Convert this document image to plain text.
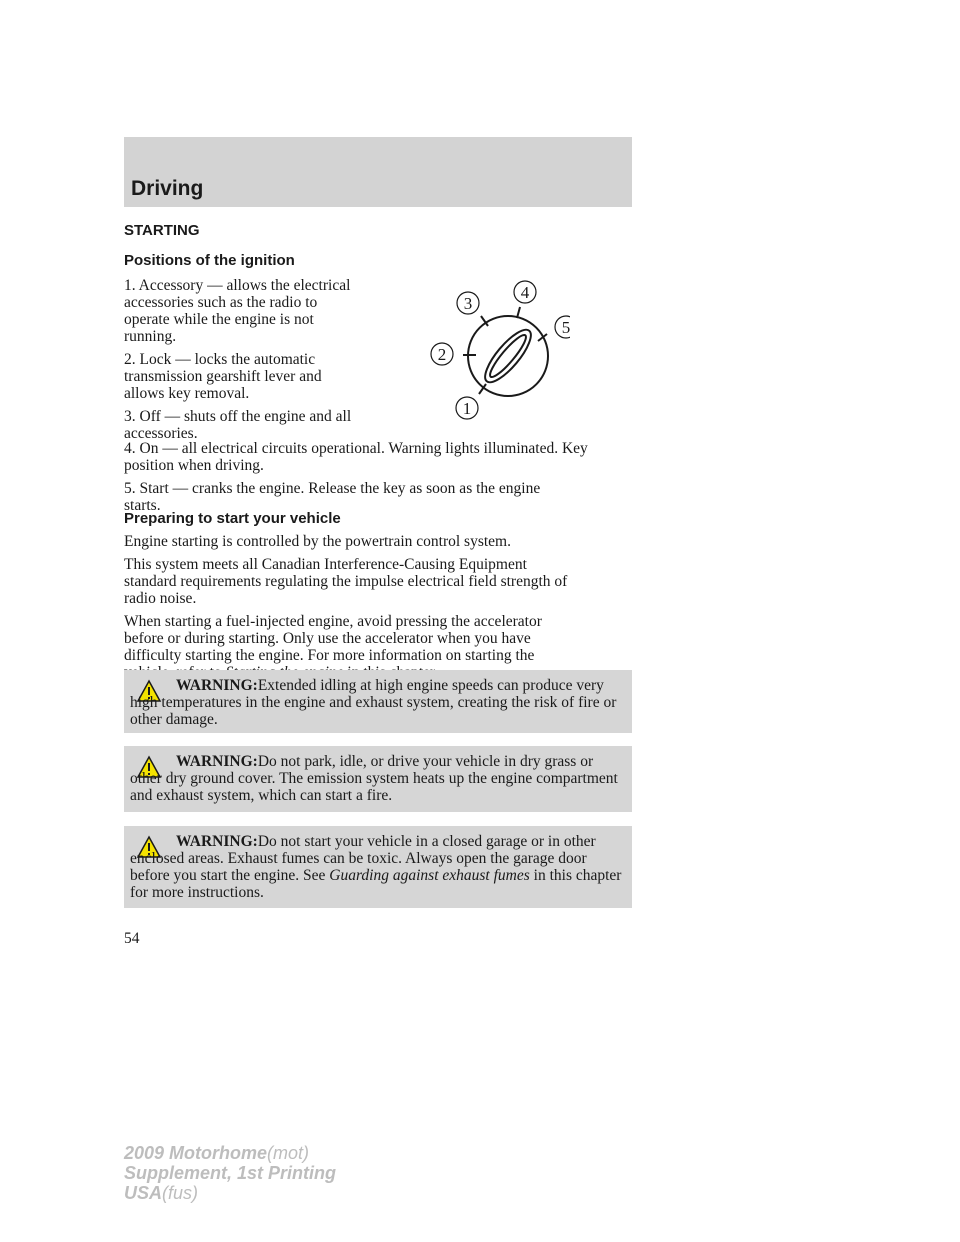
Driving
STARTING
Positions of the ignition

1. Accessory — allows the electrical

accessories such as the radio to

operate while the engine is not

running.

2. Lock — locks the automatic

transmission gearshift lever and

allows key removal.

3. Off — shuts off the engine and all

accessories.

4. On — all electrical circuits operational. Warning lights illuminated. Key

position when driving.

5. Start — cranks the engine. Release the key as soon as the engine

starts.

1
2
3
4
5
Preparing to start your vehicle

Engine starting is controlled by the powertrain control system.

This system meets all Canadian Interference-Causing Equipment

standard requirements regulating the impulse electrical field strength of

radio noise.

When starting a fuel-injected engine, avoid pressing the accelerator

before or during starting. Only use the accelerator when you have

difficulty starting the engine. For more information on starting the

WARNING:Extended idling at high engine speeds can produce very high temperatures in the engine and exhaust system, creating the risk of fire or other damage.
WARNING:Do not park, idle, or drive your vehicle in dry grass or other dry ground cover. The emission system heats up the engine compartment and exhaust system, which can start a fire.
WARNING:Do not start your vehicle in a closed garage or in other enclosed areas. Exhaust fumes can be toxic. Always open the garage door before you start the engine. See Guarding against exhaust fumes in this chapter for more instructions.
54
2009 Motorhome(mot)
Supplement, 1st Printing
USA(fus)
